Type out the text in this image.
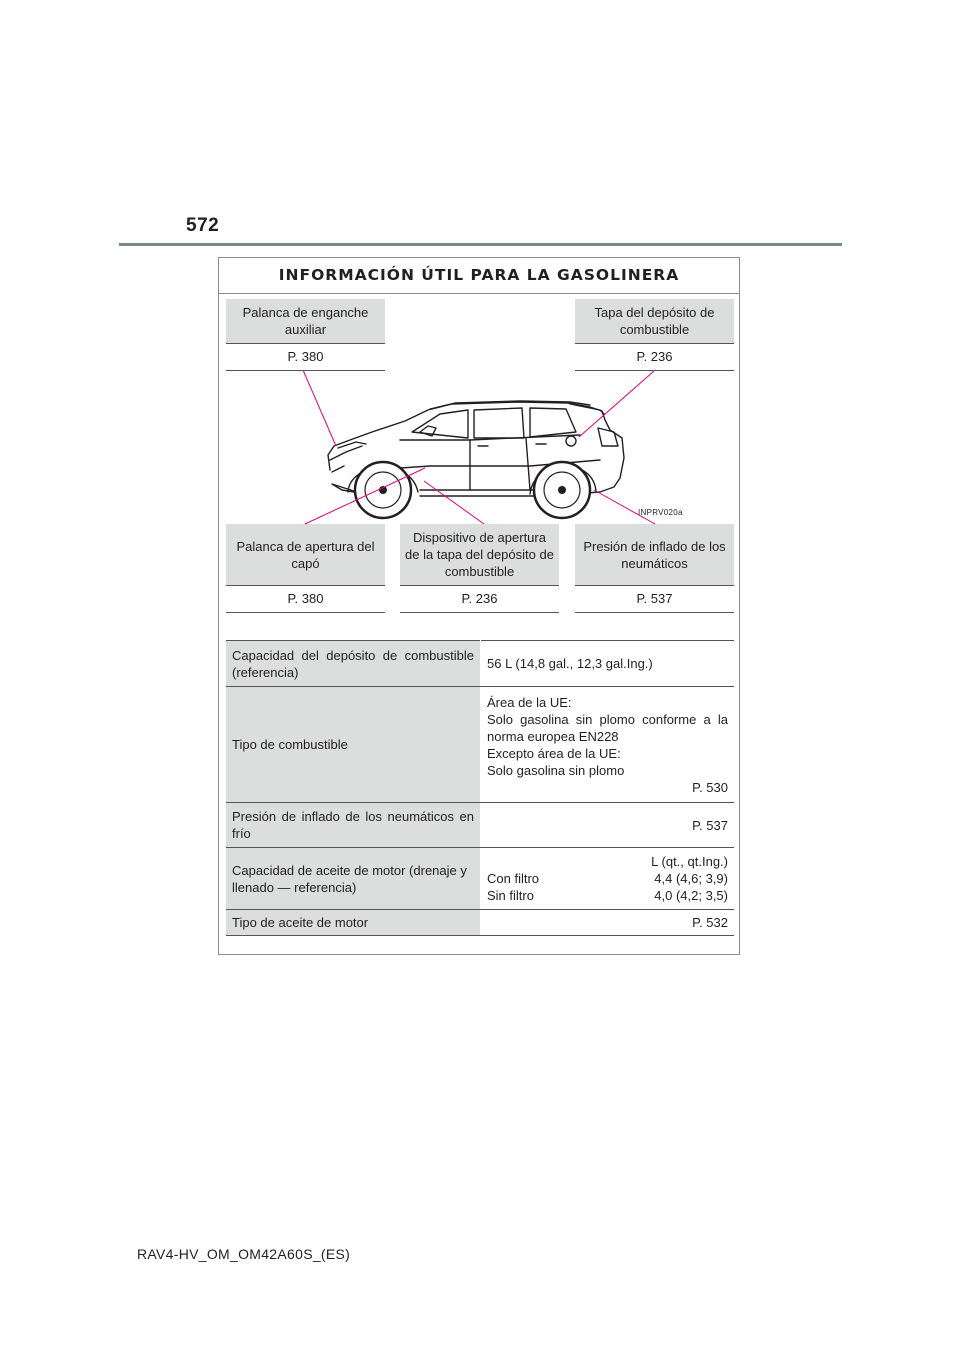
572
INFORMACIÓN ÚTIL PARA LA GASOLINERA
Palanca de enganche auxiliar
P. 380
Tapa del depósito de combustible
P. 236
Palanca de apertura del capó
P. 380
Dispositivo de apertura de la tapa del depósito de combustible
P. 236
Presión de inflado de los neumáticos
P. 537
INPRV020a
Capacidad del depósito de combustible (referencia)	56 L (14,8 gal., 12,3 gal.Ing.)
Tipo de combustible	Área de la UE:
Solo gasolina sin plomo conforme a la norma europea EN228
Excepto área de la UE:
Solo gasolina sin plomo
P. 530

Presión de inflado de los neumáticos en frío	P. 537
Capacidad de aceite de motor (drenaje y llenado — referencia)	L (qt., qt.Ing.)
Con filtro 4,4 (4,6; 3,9)
Sin filtro 4,0 (4,2; 3,5)

Tipo de aceite de motor	P. 532
RAV4-HV_OM_OM42A60S_(ES)
